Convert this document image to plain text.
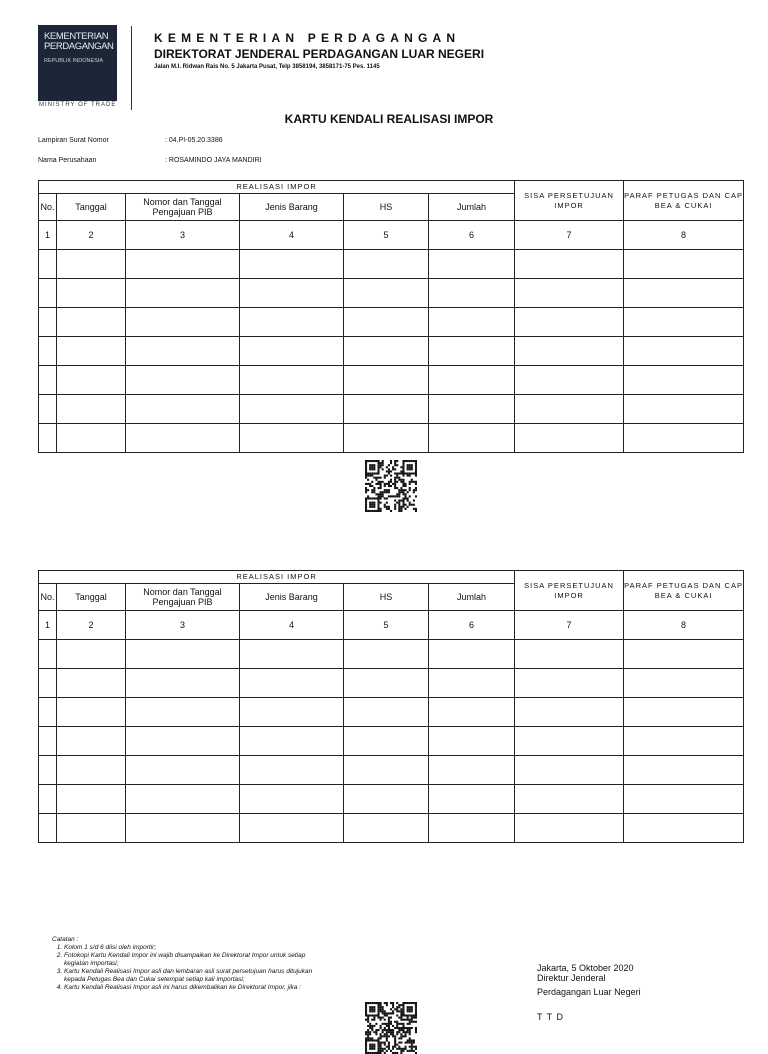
KEMENTERIAN PERDAGANGAN
REPUBLIK INDONESIA
MINISTRY OF TRADE
KEMENTERIAN PERDAGANGAN
DIREKTORAT JENDERAL PERDAGANGAN LUAR NEGERI
Jalan M.I. Ridwan Rais No. 5 Jakarta Pusat, Telp 3858194, 3858171-75 Pes. 1145
KARTU KENDALI REALISASI IMPOR
Lampiran Surat Nomor	: 04.PI-05.20.3386
Nama Perusahaan	: ROSAMINDO JAYA MANDIRI
REALISASI IMPOR						SISA PERSETUJUAN IMPOR	PARAF PETUGAS DAN CAP BEA & CUKAI
No.	Tanggal	Nomor dan Tanggal Pengajuan PIB	Jenis Barang	HS	Jumlah		
1	2	3	4	5	6	7	8

REALISASI IMPOR						SISA PERSETUJUAN IMPOR	PARAF PETUGAS DAN CAP BEA & CUKAI
No.	Tanggal	Nomor dan Tanggal Pengajuan PIB	Jenis Barang	HS	Jumlah		
1	2	3	4	5	6	7	8

Catatan :
1. Kolom 1 s/d 6 diisi oleh importir;
2. Fotokopi Kartu Kendali Impor ini wajib disampaikan ke Direktorat Impor untuk setiap kegiatan importasi;
3. Kartu Kendali Realisasi Impor asli dan lembaran asli surat persetujuan harus ditujukan kepada Petugas Bea dan Cukai setempat setiap kali importasi;
4. Kartu Kendali Realisasi Impor asli ini harus dikembalikan ke Direktorat Impor, jika :
Jakarta, 5 Oktober 2020
Direktur Jenderal
Perdagangan Luar Negeri
T T D
